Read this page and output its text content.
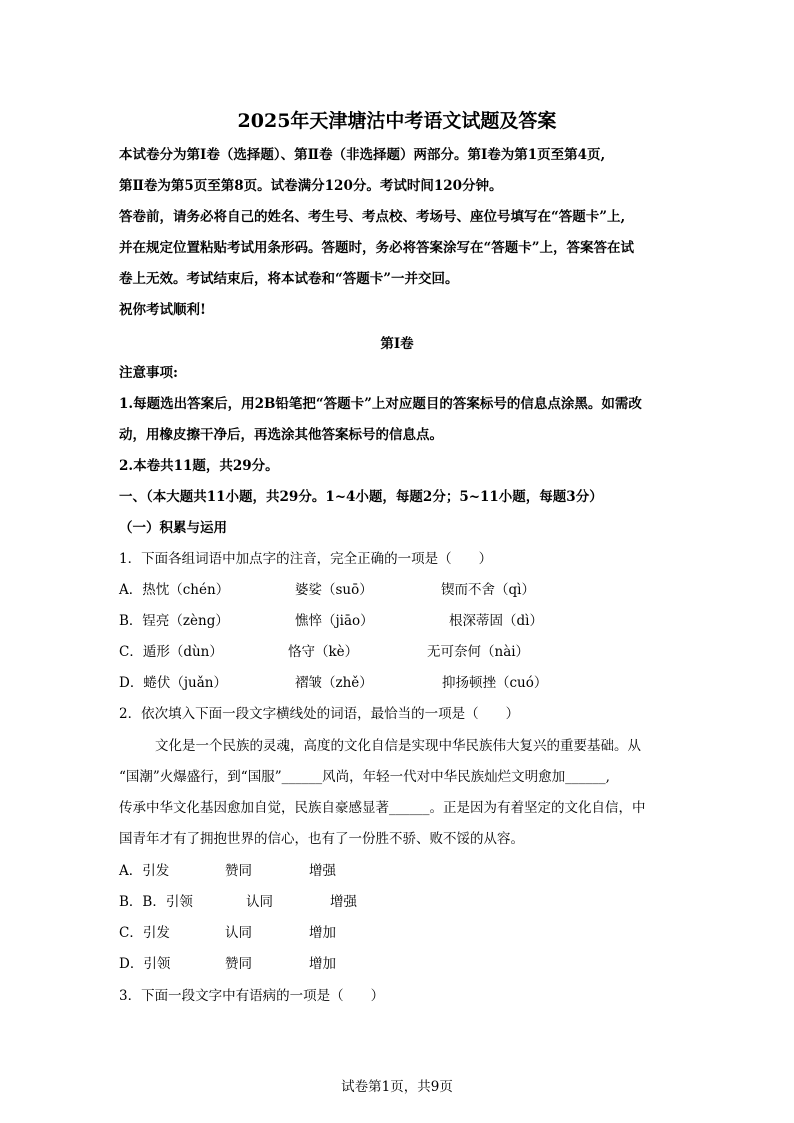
2025年天津塘沽中考语文试题及答案
本试卷分为第Ⅰ卷（选择题）、第Ⅱ卷（非选择题）两部分。第Ⅰ卷为第1页至第4页,
第Ⅱ卷为第5页至第8页。试卷满分120分。考试时间120分钟。
答卷前，请务必将自己的姓名、考生号、考点校、考场号、座位号填写在“答题卡”上,
并在规定位置粘贴考试用条形码。答题时，务必将答案涂写在“答题卡”上，答案答在试
卷上无效。考试结束后，将本试卷和“答题卡”一并交回。
祝你考试顺利!
第Ⅰ卷
注意事项:
1.每题选出答案后，用2B铅笔把“答题卡”上对应题目的答案标号的信息点涂黑。如需改
动，用橡皮擦干净后，再选涂其他答案标号的信息点。
2.本卷共11题，共29分。
一、（本大题共11小题，共29分。1~4小题，每题2分；5~11小题，每题3分）
（一）积累与运用
1．下面各组词语中加点字的注音，完全正确的一项是（　　）
A．热忱（chén）	婆娑（suō）	锲而不舍（qì）
B．锃亮（zèng）	憔悴（jiāo）	根深蒂固（dì）
C．遁形（dùn）	恪守（kè）	无可奈何（nài）
D．蜷伏（juǎn）	褶皱（zhě）	抑扬顿挫（cuó）
2．依次填入下面一段文字横线处的词语，最恰当的一项是（　　）
文化是一个民族的灵魂，高度的文化自信是实现中华民族伟大复兴的重要基础。从
“国潮”火爆盛行，到“国服”______风尚，年轻一代对中华民族灿烂文明愈加______,
传承中华文化基因愈加自觉，民族自豪感显著______。正是因为有着坚定的文化自信，中
国青年才有了拥抱世界的信心，也有了一份胜不骄、败不馁的从容。
A．引发	赞同	增强
B．B．引领	认同	增强
C．引发	认同	增加
D．引领	赞同	增加
3．下面一段文字中有语病的一项是（　　）
试卷第1页，共9页
